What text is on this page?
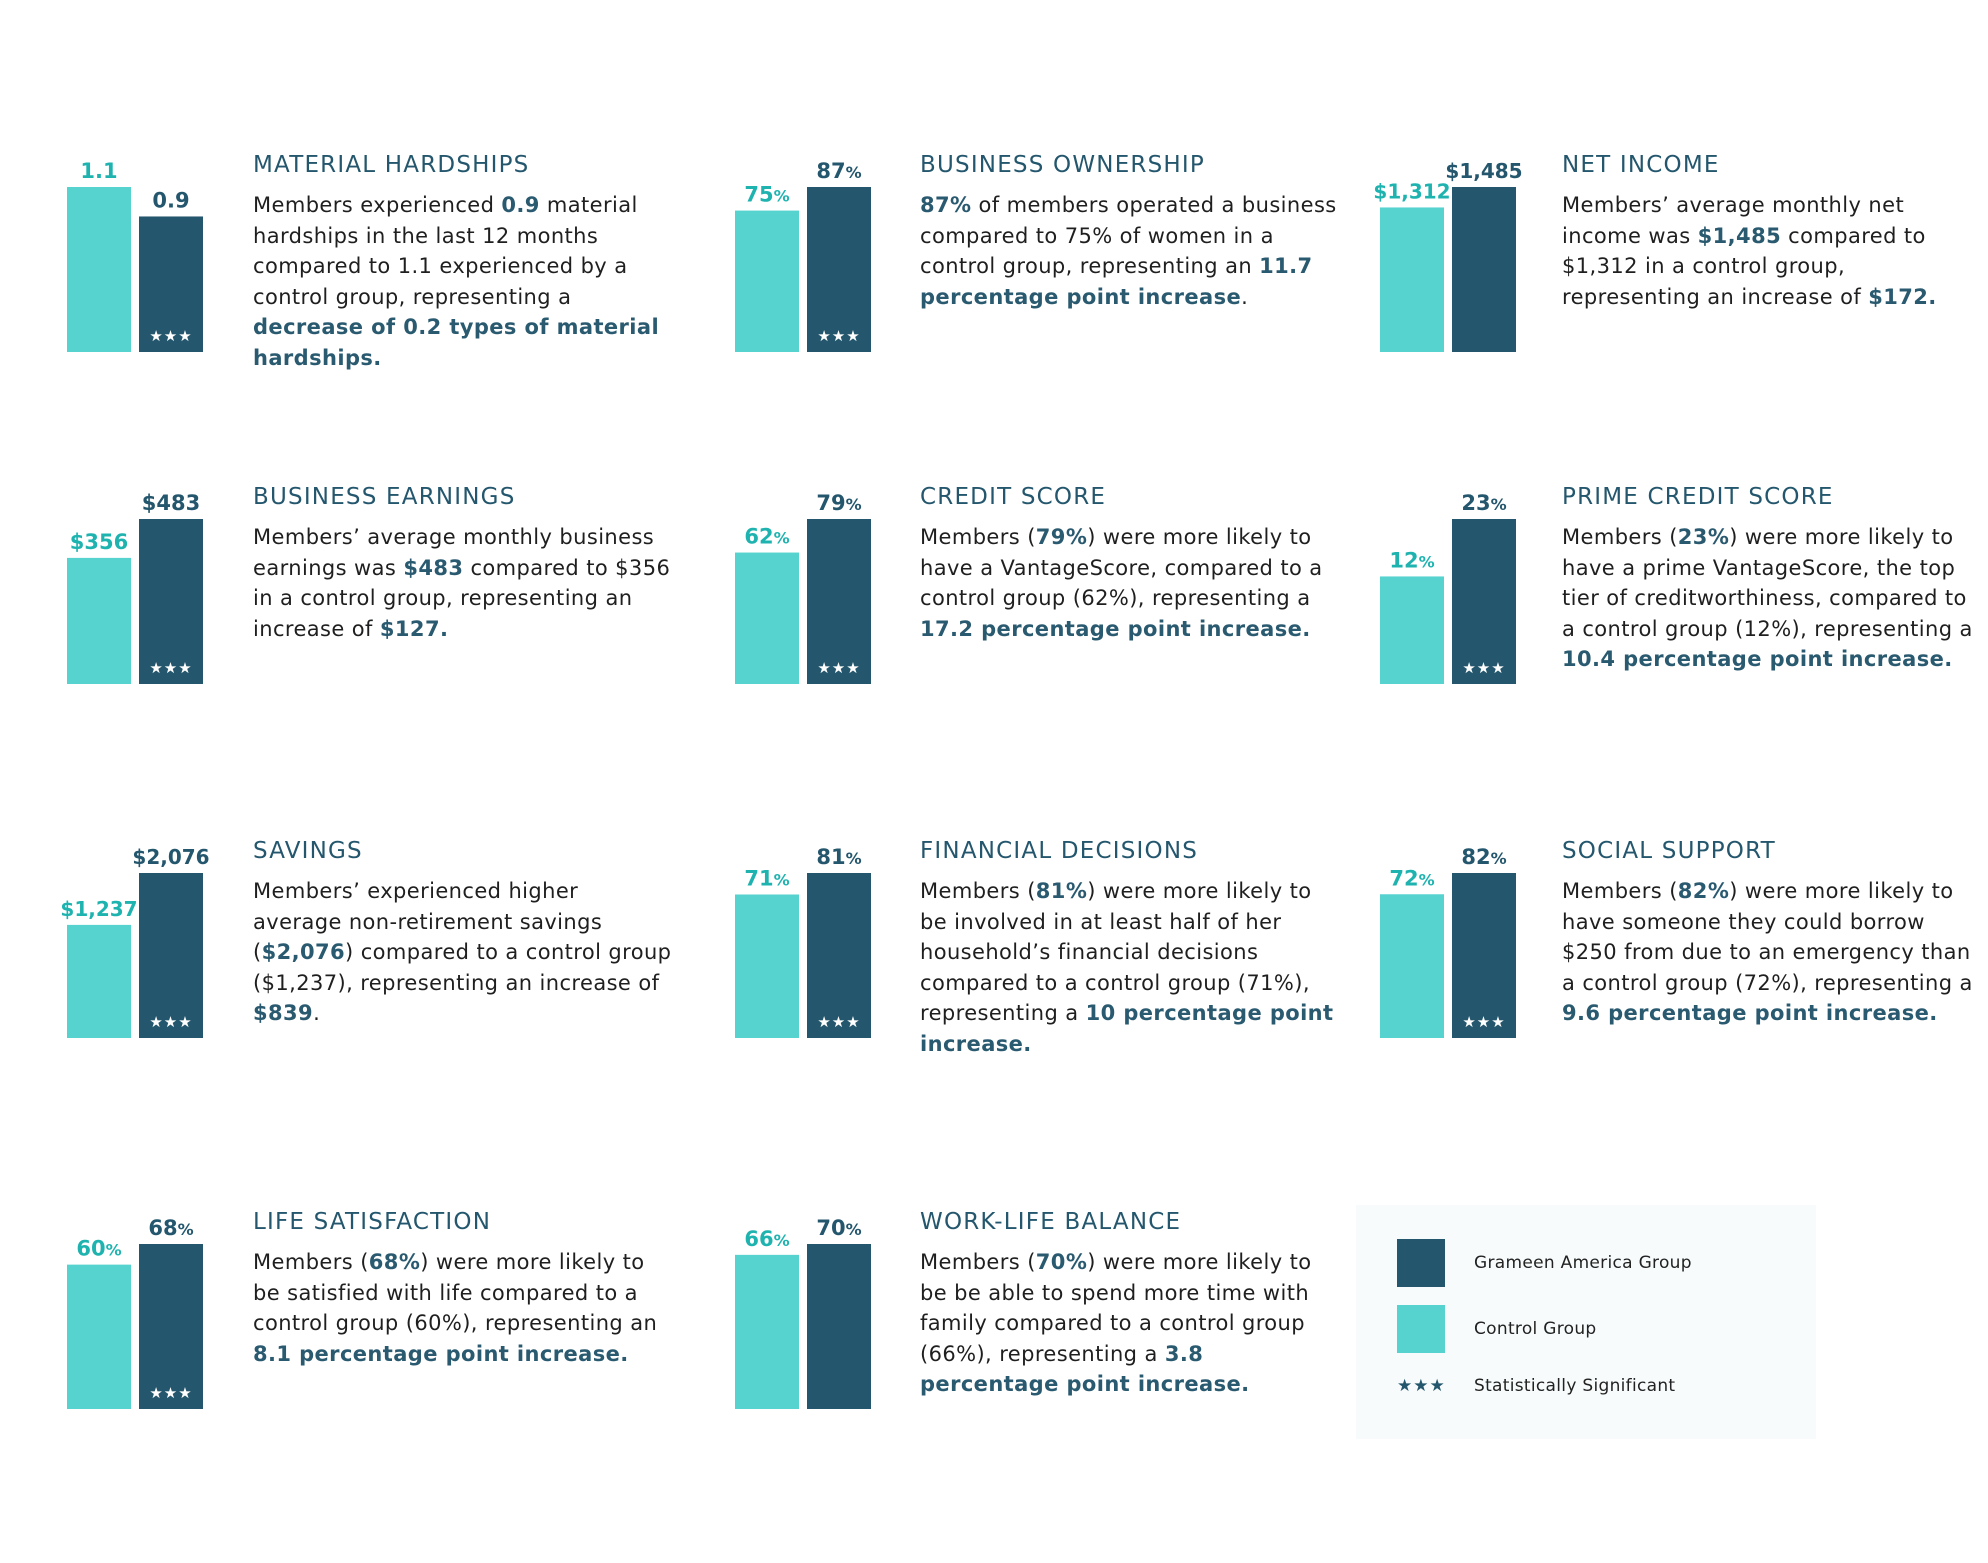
1.1
0.9
★★★
MATERIAL HARDSHIPS

Members experienced 0.9 material hardships in the last 12 months compared to 1.1 experienced by a control group, representing a decrease of 0.2 types of material hardships.

75%
87%
★★★
BUSINESS OWNERSHIP

87% of members operated a business compared to 75% of women in a control group, representing an 11.7 percentage point increase.

$1,312
$1,485 NET INCOME

Members’ average monthly net income was $1,485 compared to $1,312 in a control group, representing an increase of $172.

$356
$483
★★★
BUSINESS EARNINGS

Members’ average monthly business earnings was $483 compared to $356 in a control group, representing an increase of $127.

62%
79%
★★★
CREDIT SCORE

Members (79%) were more likely to have a VantageScore, compared to a control group (62%), representing a 17.2 percentage point increase.

12%
23%
★★★
PRIME CREDIT SCORE

Members (23%) were more likely to have a prime VantageScore, the top tier of creditworthiness, compared to a control group (12%), representing a 10.4 percentage point increase.

$1,237
$2,076
★★★
SAVINGS

Members’ experienced higher average non-retirement savings ($2,076) compared to a control group ($1,237), representing an increase of $839.

71%
81%
★★★
FINANCIAL DECISIONS

Members (81%) were more likely to be involved in at least half of her household’s financial decisions compared to a control group (71%), representing a 10 percentage point increase.

72%
82%
★★★
SOCIAL SUPPORT

Members (82%) were more likely to have someone they could borrow $250 from due to an emergency than a control group (72%), representing a 9.6 percentage point increase.

60%
68%
★★★
LIFE SATISFACTION

Members (68%) were more likely to be satisfied with life compared to a control group (60%), representing an 8.1 percentage point increase.

66%
70%	WORK-LIFE BALANCE

Members (70%) were more likely to be be able to spend more time with family compared to a control group (66%), representing a 3.8 percentage point increase.

Grameen America Group
Control Group
★★★ Statistically Significant
